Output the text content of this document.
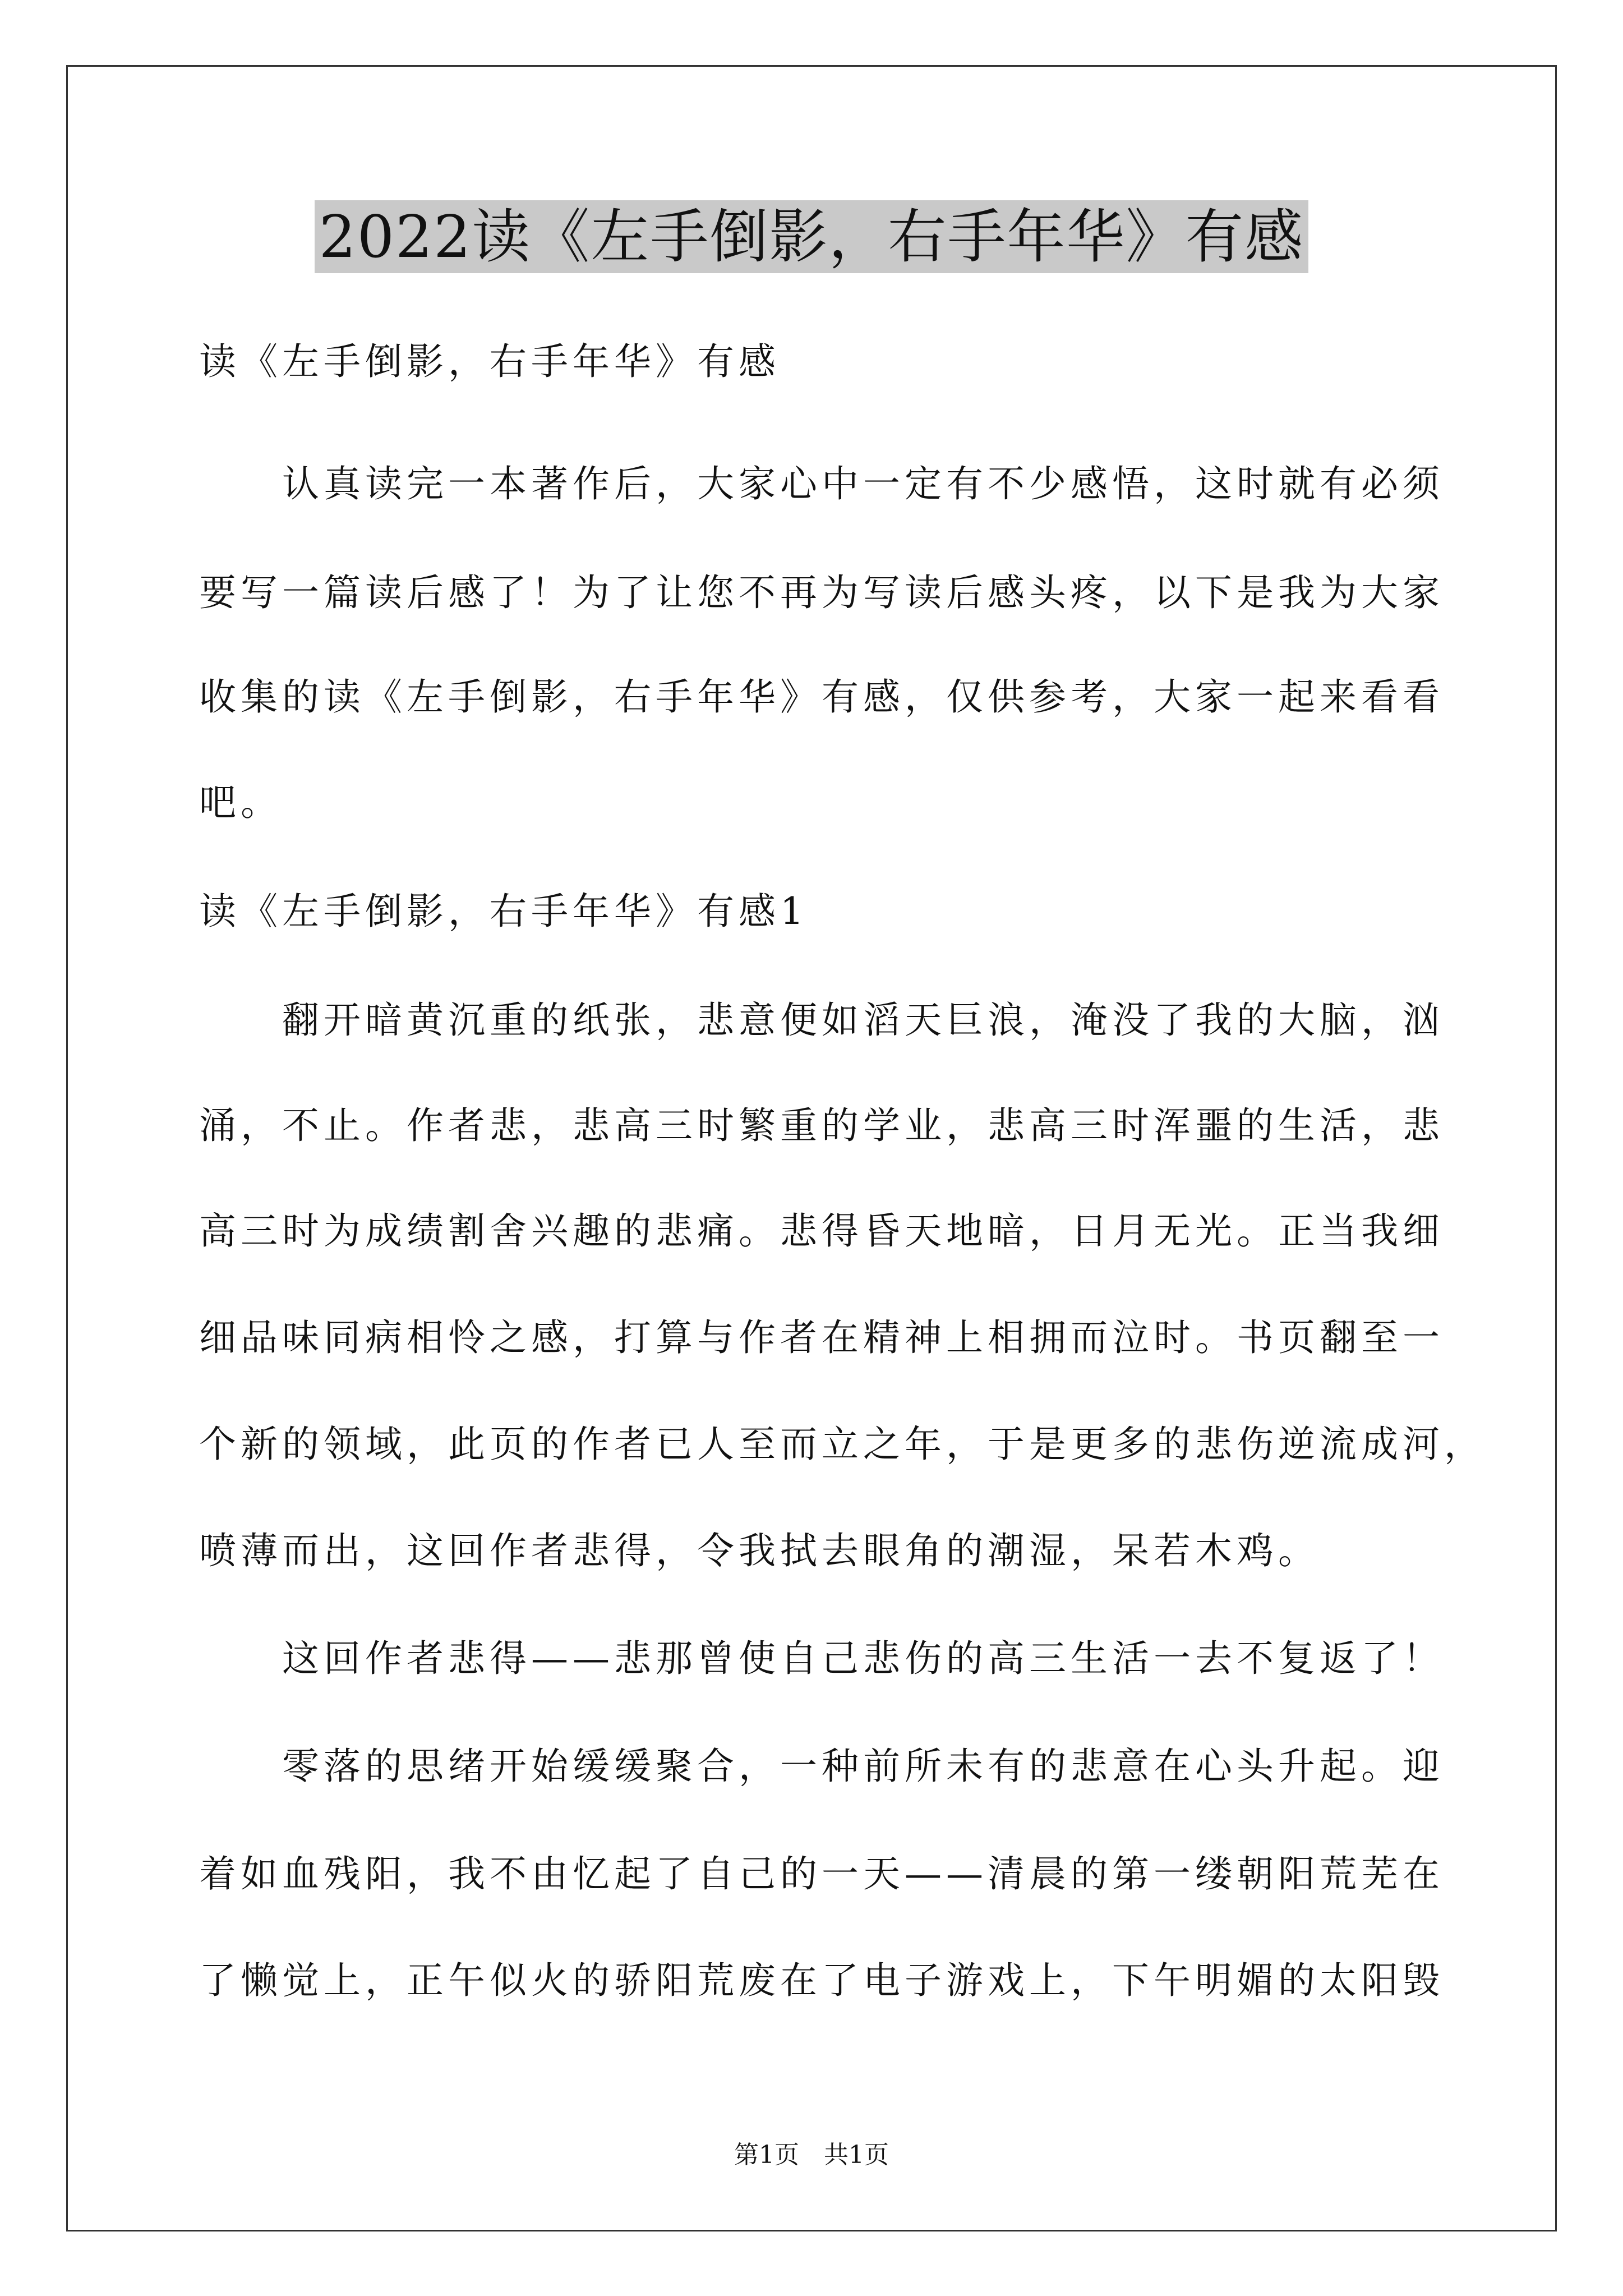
2022读《左手倒影，右手年华》有感
读《左手倒影，右手年华》有感
　　认真读完一本著作后，大家心中一定有不少感悟，这时就有必须
要写一篇读后感了！为了让您不再为写读后感头疼，以下是我为大家
收集的读《左手倒影，右手年华》有感，仅供参考，大家一起来看看
吧。
读《左手倒影，右手年华》有感1
　　翻开暗黄沉重的纸张，悲意便如滔天巨浪，淹没了我的大脑，汹
涌，不止。作者悲，悲高三时繁重的学业，悲高三时浑噩的生活，悲
高三时为成绩割舍兴趣的悲痛。悲得昏天地暗，日月无光。正当我细
细品味同病相怜之感，打算与作者在精神上相拥而泣时。书页翻至一
个新的领域，此页的作者已人至而立之年，于是更多的悲伤逆流成河，
喷薄而出，这回作者悲得，令我拭去眼角的潮湿，呆若木鸡。
　　这回作者悲得——悲那曾使自己悲伤的高三生活一去不复返了！
　　零落的思绪开始缓缓聚合，一种前所未有的悲意在心头升起。迎
着如血残阳，我不由忆起了自己的一天——清晨的第一缕朝阳荒芜在
了懒觉上，正午似火的骄阳荒废在了电子游戏上，下午明媚的太阳毁
第1页　共1页
